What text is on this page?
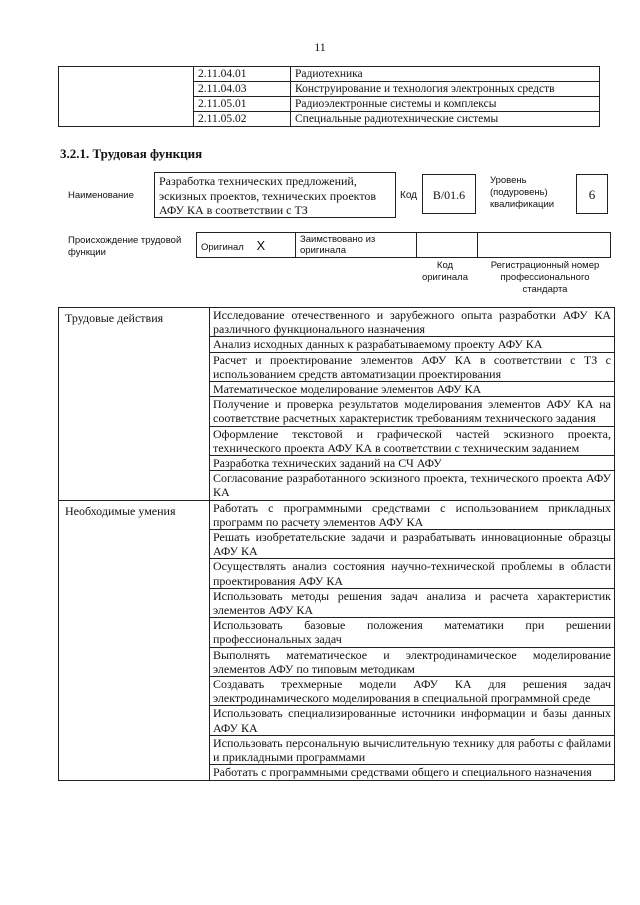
11
	2.11.04.01	Радиотехника
	2.11.04.03	Конструирование и технология электронных средств
	2.11.05.01	Радиоэлектронные системы и комплексы
	2.11.05.02	Специальные радиотехнические системы
3.2.1. Трудовая функция
Наименование
Разработка технических предложений, эскизных проектов, технических проектов АФУ КА в соответствии с ТЗ
Код	B/01.6
Уровень
(подуровень)
квалификации
6
Происхождение трудовой функции	Оригинал X	Заимствовано из оригинала		
Код оригинала
Регистрационный номер профессионального стандарта
Трудовые действия	Исследование отечественного и зарубежного опыта разработки АФУ КА различного функционального назначения
	Анализ исходных данных к разрабатываемому проекту АФУ КА
	Расчет и проектирование элементов АФУ КА в соответствии с ТЗ с использованием средств автоматизации проектирования
	Математическое моделирование элементов АФУ КА
	Получение и проверка результатов моделирования элементов АФУ КА на соответствие расчетных характеристик требованиям технического задания
	Оформление текстовой и графической частей эскизного проекта, технического проекта АФУ КА в соответствии с техническим заданием
	Разработка технических заданий на СЧ АФУ
	Согласование разработанного эскизного проекта, технического проекта АФУ КА
Необходимые умения	Работать с программными средствами с использованием прикладных программ по расчету элементов АФУ КА
	Решать изобретательские задачи и разрабатывать инновационные образцы АФУ КА
	Осуществлять анализ состояния научно-технической проблемы в области проектирования АФУ КА
	Использовать методы решения задач анализа и расчета характеристик элементов АФУ КА
	Использовать базовые положения математики при решении профессиональных задач
	Выполнять математическое и электродинамическое моделирование элементов АФУ по типовым методикам
	Создавать трехмерные модели АФУ КА для решения задач электродинамического моделирования в специальной программной среде
	Использовать специализированные источники информации и базы данных АФУ КА
	Использовать персональную вычислительную технику для работы с файлами и прикладными программами
	Работать с программными средствами общего и специального назначения
